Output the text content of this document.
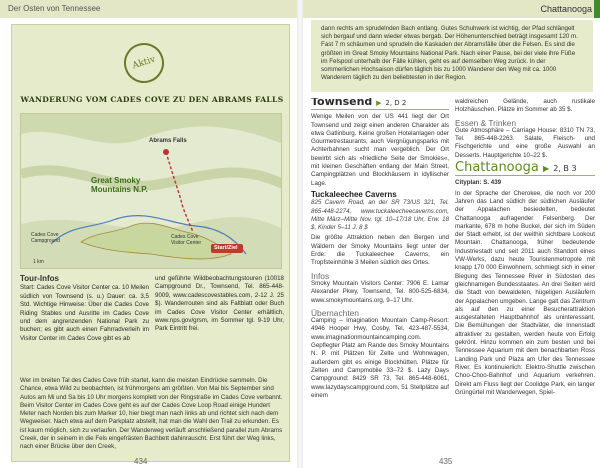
Der Osten von Tennessee
Aktiv
WANDERUNG VOM CADES COVE ZU DEN ABRAMS FALLS
Abrams Falls
Great Smoky Mountains N.P.
Cades Cove Campground
Cades Cove Visitor Center
Start/Ziel
1 km
Tour-Infos

Start: Cades Cove Visitor Center ca. 10 Meilen südlich von Townsend (s. u.) Dauer: ca. 3,5 Std. Wichtige Hinweise: Über die Cades Cove Riding Stables und Ausritte im Cades Cove und dem angrenzenden National Park zu buchen; es gibt auch einen Fahrradverleih im Visitor Center im Cades Cove gibt es ab

und geführte Wildbeobachtungstouren (10018 Campground Dr., Townsend, Tel. 865-448-9009, www.cadescovestables.com, 2-12 J. 25 $). Wanderrouten sind als Faltblatt oder Buch im Cades Cove Visitor Center erhältlich, www.nps.gov/grsm, im Sommer tgl. 9-19 Uhr, Park Eintritt frei.

Wer im breiten Tal des Cades Cove früh startet, kann die meisten Eindrücke sammeln. Die Chance, etwa Wild zu beobachten, ist frühmorgens am größten. Von Mai bis September sind Autos am Mi und Sa bis 10 Uhr morgens komplett von der Ringstraße im Cades Cove verbannt. Beim Visitor Center im Cades Cove geht es auf der Cades Cove Loop Road einige Hundert Meter nach Norden bis zum Marker 10, hier biegt man nach links ab und richtet sich nach dem Wegweiser. Nach etwa auf dem Parkplatz abstellt, hat man die Wahl den Trail zu erkunden. Es ist kaum möglich, sich zu verlaufen. Der Wanderweg verläuft anschließend parallel zum Abrams Creek, der in seinem in die Fels eingefrästen Bachbett dahinrauscht. Erst führt der Weg links, nach einer Brücke über den Creek,
434
Chattanooga
dann rechts am sprudelnden Bach entlang. Gutes Schuhwerk ist wichtig, der Pfad schlängelt sich bergauf und dann wieder etwas bergab. Der Höhenunterschied beträgt insgesamt 120 m. Fast 7 m schäumen und sprudeln die Kaskaden der Abramsfälle über die Felsen. Es sind die größten im Great Smoky Mountains National Park. Nach einer Pause, bei der viele ihre Füße im Felspool unterhalb der Fälle kühlen, geht es auf demselben Weg zurück. In der sommerlichen Hochsaison dürfen täglich bis zu 1000 Wanderer den Weg mit ca. 1000 Wanderern täglich zu den beliebtesten in der Region.
Townsend ▶ 2, D 2

Wenige Meilen von der US 441 liegt der Ort Townsend und zeigt einen anderen Charakter als etwa Gatlinburg. Keine großen Hotelanlagen oder Gourmetrestaurants, auch Vergnügungsparks mit Achterbahnen sucht man vergeblich. Der Ort bewirbt sich als »friedliche Seite der Smokies«, mit kleinen Geschäften entlang der Main Street, Campingplätzen und Blockhäusern in idyllischer Lage.

Tuckaleechee Caverns

825 Cavern Road, an der SR 73/US 321, Tel. 865-448-2274, www.tuckaleecheecaverns.com, Mitte März–Mitte Nov. tgl. 10–17/18 Uhr, Erw. 18 $, Kinder 5–11 J. 8 $

Die größte Attraktion neben den Bergen und Wäldern der Smoky Mountains liegt unter der Erde: die Tuckaleechee Caverns, ein Tropfsteinhöhle 3 Meilen südlich des Ortes.

Infos

Smoky Mountain Visitors Center: 7906 E. Lamar Alexander Pkwy, Townsend, Tel. 800-525-6834, www.smokymountains.org, 9–17 Uhr.

Übernachten

Camping – Imagination Mountain Camp-Resort: 4946 Hooper Hwy, Cosby, Tel. 423-487-5534, www.imaginationmountaincamping.com. Gepflegter Platz am Rande des Smoky Mountains N. P. mit Plätzen für Zelte und Wohnwagen, außerdem gibt es einige Blockhütten. Plätze für Zelten und Campmobile 33–72 $. Lazy Days Campground: 8429 SR 73, Tel. 865-448-6061, www.lazydayscampground.com, 51 Stellplätze auf einem

waldreichen Gelände, auch rustikale Holzhäuschen. Plätze im Sommer ab 35 $.

Essen & Trinken

Gute Atmosphäre – Carriage House: 8310 TN 73, Tel. 865-448-2263. Salate, Fleisch- und Fischgerichte und eine große Auswahl an Desserts. Hauptgerichte 10–22 $.

Chattanooga ▶ 2, B 3

Cityplan: S. 439

In der Sprache der Cherokee, die noch vor 200 Jahren das Land südlich der südlichen Ausläufer der Appalachen besiedelten, bedeutet Chattanooga aufragender Felsenberg. Der markante, 678 m hohe Buckel, der sich im Süden der Stadt erhebt, ist der weithin sichtbare Lookout Mountain. Chattanooga, früher bedeutende Industriestadt und seit 2011 auch Standort eines VW-Werks, dazu heute Touristenmetropole mit knapp 170 000 Einwohnern, schmiegt sich in einer Biegung des Tennessee River in Südosten des gleichnamigen Bundesstaates. An drei Seiten wird die Stadt von bewaldeten, hügeligen Ausläufern der Appalachen umgeben. Lange galt das Zentrum als auf den zu einer Besucherattraktion ausgestalteten Hauptbahnhof als uninteressant. Die Bemühungen der Stadtväter, die Innenstadt attraktiver zu gestalten, werden heute von Erfolg gekrönt. Hinzu kommen ein zum besten und bei Tennessee Aquarium mit dem benachbarten Ross Landing Park und Plaza am Ufer des Tennessee River. Es kontinuierlich: Elektro-Shuttle zwischen Choo-Choo-Bahnhof und Aquarium verkehren. Direkt am Fluss liegt der Coolidge Park, ein langer Grüngürtel mit Wanderwegen, Spiel-

435
